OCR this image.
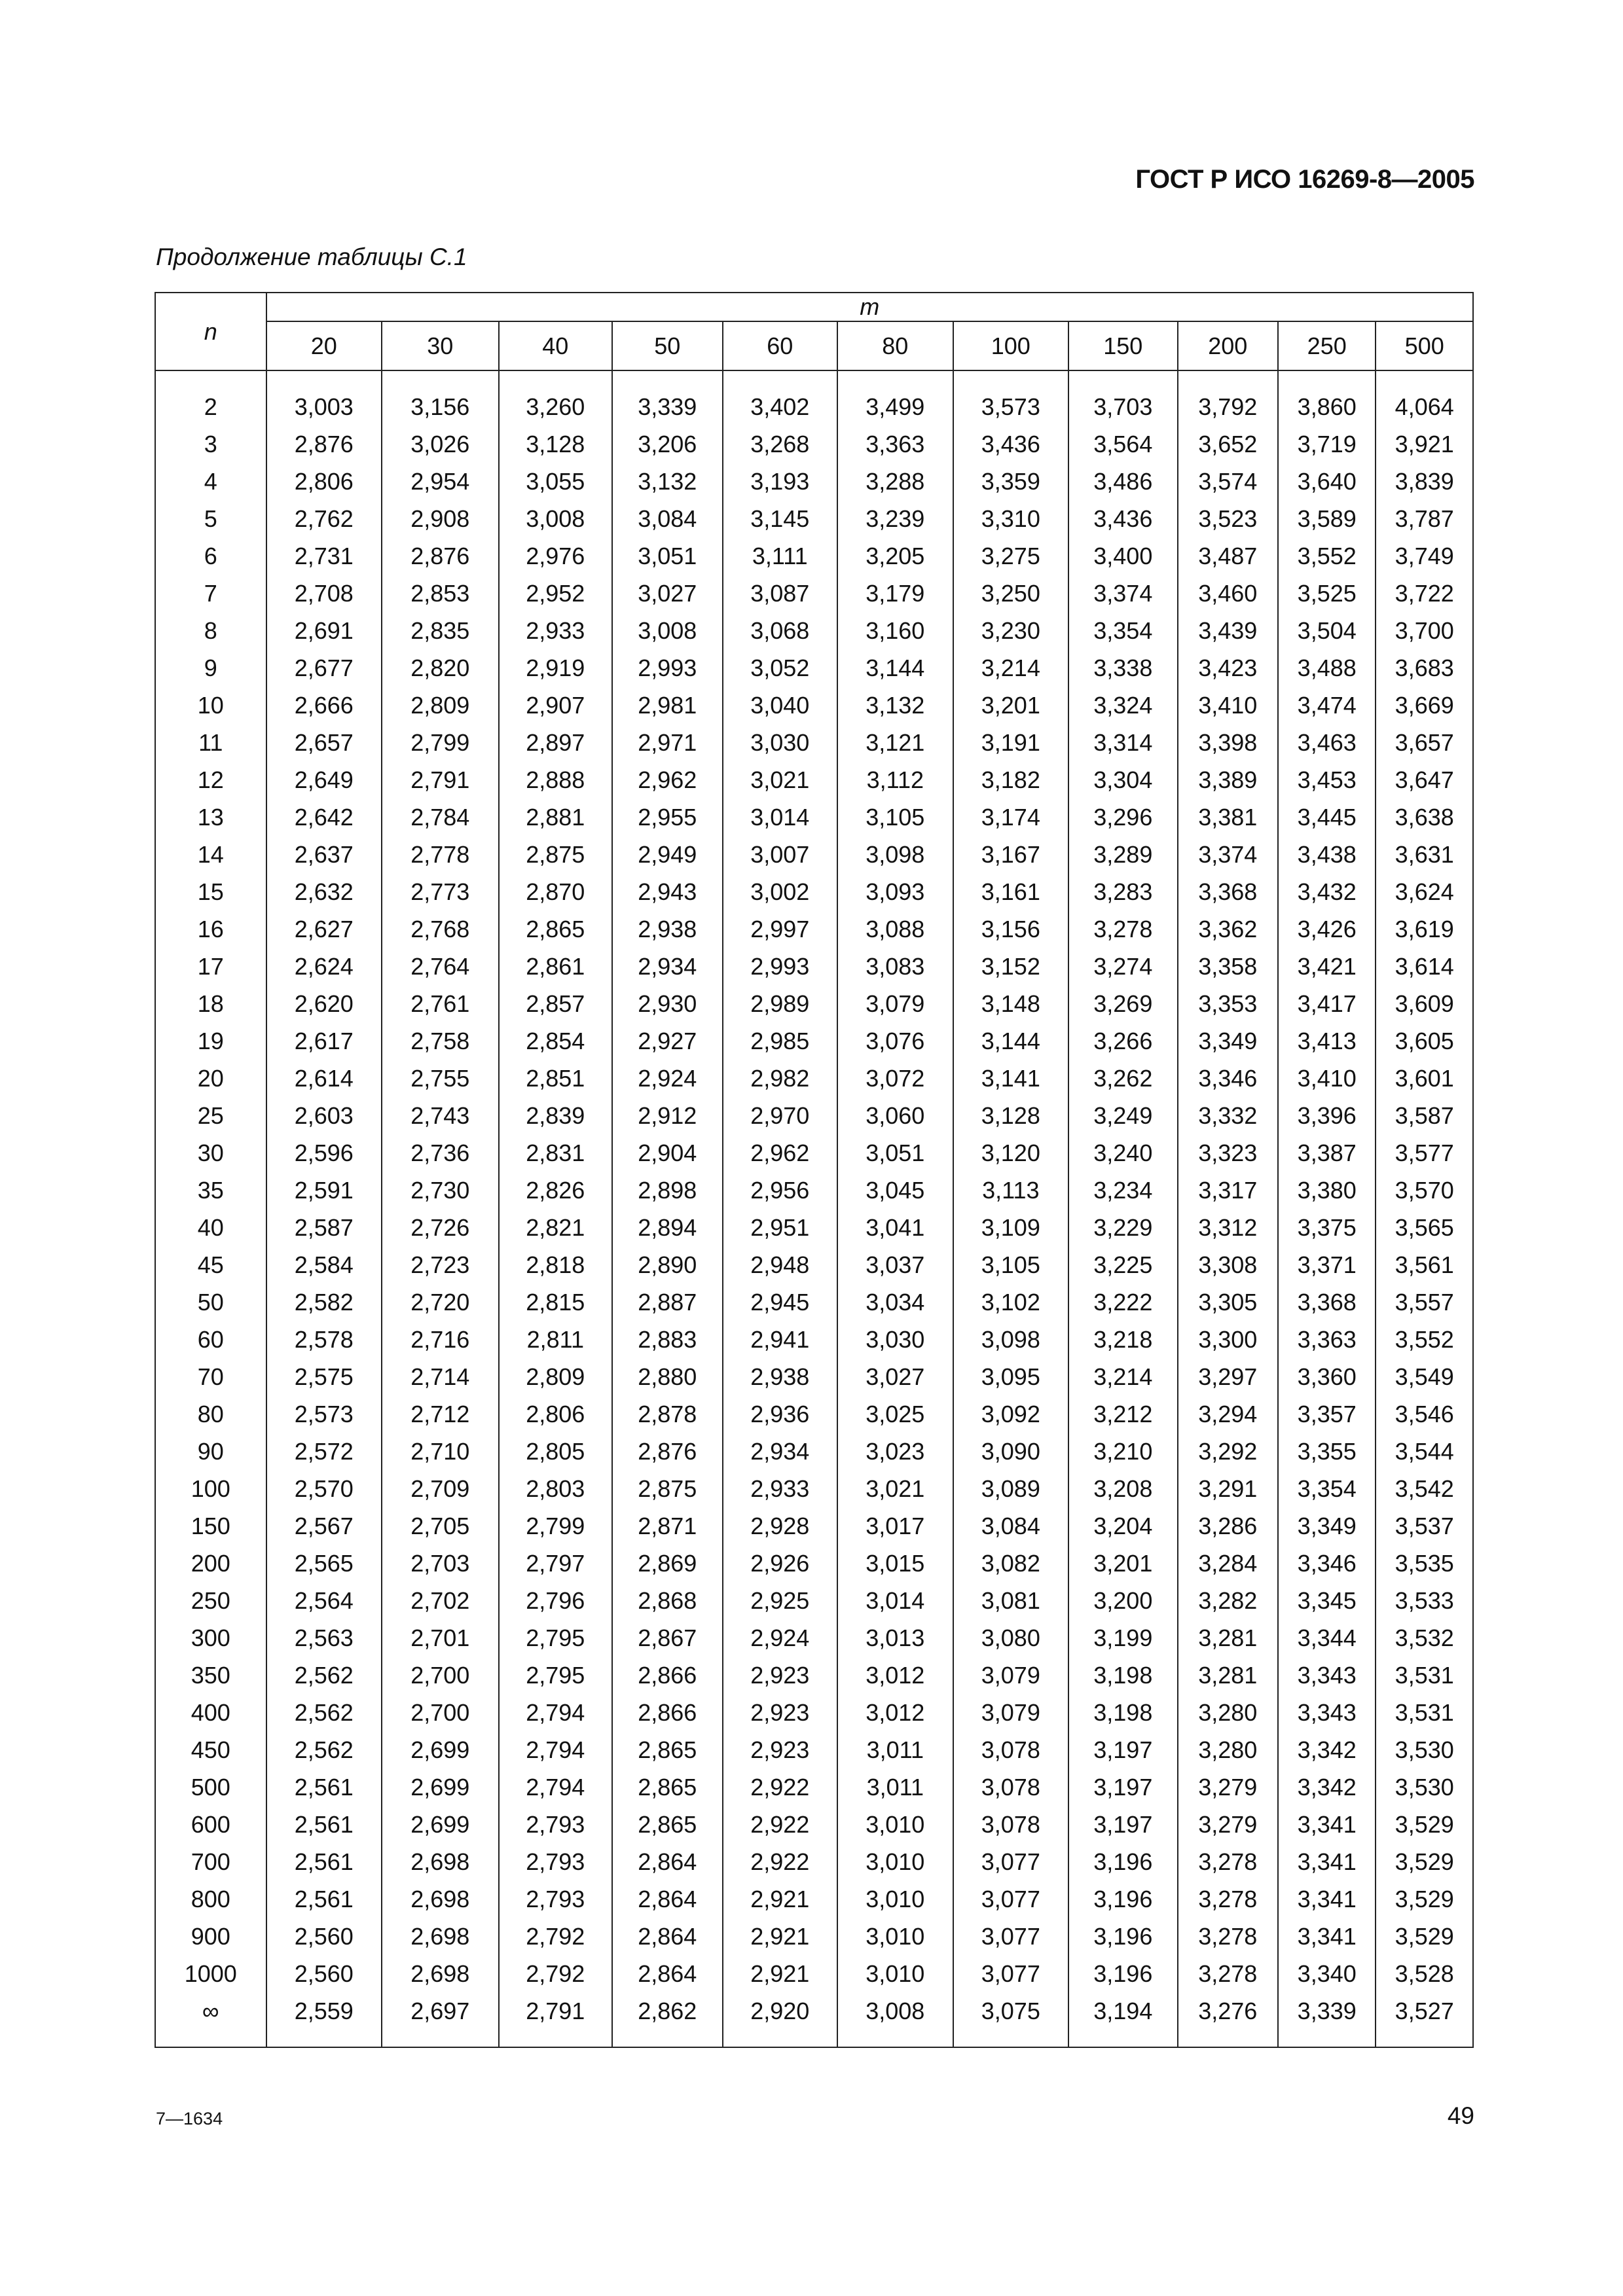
ГОСТ Р ИСО 16269-8—2005
Продолжение таблицы С.1
n	m										
	20	30	40	50	60	80	100	150	200	250	500
2	3,003	3,156	3,260	3,339	3,402	3,499	3,573	3,703	3,792	3,860	4,064
3	2,876	3,026	3,128	3,206	3,268	3,363	3,436	3,564	3,652	3,719	3,921
4	2,806	2,954	3,055	3,132	3,193	3,288	3,359	3,486	3,574	3,640	3,839
5	2,762	2,908	3,008	3,084	3,145	3,239	3,310	3,436	3,523	3,589	3,787
6	2,731	2,876	2,976	3,051	3,111	3,205	3,275	3,400	3,487	3,552	3,749
7	2,708	2,853	2,952	3,027	3,087	3,179	3,250	3,374	3,460	3,525	3,722
8	2,691	2,835	2,933	3,008	3,068	3,160	3,230	3,354	3,439	3,504	3,700
9	2,677	2,820	2,919	2,993	3,052	3,144	3,214	3,338	3,423	3,488	3,683
10	2,666	2,809	2,907	2,981	3,040	3,132	3,201	3,324	3,410	3,474	3,669
11	2,657	2,799	2,897	2,971	3,030	3,121	3,191	3,314	3,398	3,463	3,657
12	2,649	2,791	2,888	2,962	3,021	3,112	3,182	3,304	3,389	3,453	3,647
13	2,642	2,784	2,881	2,955	3,014	3,105	3,174	3,296	3,381	3,445	3,638
14	2,637	2,778	2,875	2,949	3,007	3,098	3,167	3,289	3,374	3,438	3,631
15	2,632	2,773	2,870	2,943	3,002	3,093	3,161	3,283	3,368	3,432	3,624
16	2,627	2,768	2,865	2,938	2,997	3,088	3,156	3,278	3,362	3,426	3,619
17	2,624	2,764	2,861	2,934	2,993	3,083	3,152	3,274	3,358	3,421	3,614
18	2,620	2,761	2,857	2,930	2,989	3,079	3,148	3,269	3,353	3,417	3,609
19	2,617	2,758	2,854	2,927	2,985	3,076	3,144	3,266	3,349	3,413	3,605
20	2,614	2,755	2,851	2,924	2,982	3,072	3,141	3,262	3,346	3,410	3,601
25	2,603	2,743	2,839	2,912	2,970	3,060	3,128	3,249	3,332	3,396	3,587
30	2,596	2,736	2,831	2,904	2,962	3,051	3,120	3,240	3,323	3,387	3,577
35	2,591	2,730	2,826	2,898	2,956	3,045	3,113	3,234	3,317	3,380	3,570
40	2,587	2,726	2,821	2,894	2,951	3,041	3,109	3,229	3,312	3,375	3,565
45	2,584	2,723	2,818	2,890	2,948	3,037	3,105	3,225	3,308	3,371	3,561
50	2,582	2,720	2,815	2,887	2,945	3,034	3,102	3,222	3,305	3,368	3,557
60	2,578	2,716	2,811	2,883	2,941	3,030	3,098	3,218	3,300	3,363	3,552
70	2,575	2,714	2,809	2,880	2,938	3,027	3,095	3,214	3,297	3,360	3,549
80	2,573	2,712	2,806	2,878	2,936	3,025	3,092	3,212	3,294	3,357	3,546
90	2,572	2,710	2,805	2,876	2,934	3,023	3,090	3,210	3,292	3,355	3,544
100	2,570	2,709	2,803	2,875	2,933	3,021	3,089	3,208	3,291	3,354	3,542
150	2,567	2,705	2,799	2,871	2,928	3,017	3,084	3,204	3,286	3,349	3,537
200	2,565	2,703	2,797	2,869	2,926	3,015	3,082	3,201	3,284	3,346	3,535
250	2,564	2,702	2,796	2,868	2,925	3,014	3,081	3,200	3,282	3,345	3,533
300	2,563	2,701	2,795	2,867	2,924	3,013	3,080	3,199	3,281	3,344	3,532
350	2,562	2,700	2,795	2,866	2,923	3,012	3,079	3,198	3,281	3,343	3,531
400	2,562	2,700	2,794	2,866	2,923	3,012	3,079	3,198	3,280	3,343	3,531
450	2,562	2,699	2,794	2,865	2,923	3,011	3,078	3,197	3,280	3,342	3,530
500	2,561	2,699	2,794	2,865	2,922	3,011	3,078	3,197	3,279	3,342	3,530
600	2,561	2,699	2,793	2,865	2,922	3,010	3,078	3,197	3,279	3,341	3,529
700	2,561	2,698	2,793	2,864	2,922	3,010	3,077	3,196	3,278	3,341	3,529
800	2,561	2,698	2,793	2,864	2,921	3,010	3,077	3,196	3,278	3,341	3,529
900	2,560	2,698	2,792	2,864	2,921	3,010	3,077	3,196	3,278	3,341	3,529
1000	2,560	2,698	2,792	2,864	2,921	3,010	3,077	3,196	3,278	3,340	3,528
∞	2,559	2,697	2,791	2,862	2,920	3,008	3,075	3,194	3,276	3,339	3,527
7—1634	49
